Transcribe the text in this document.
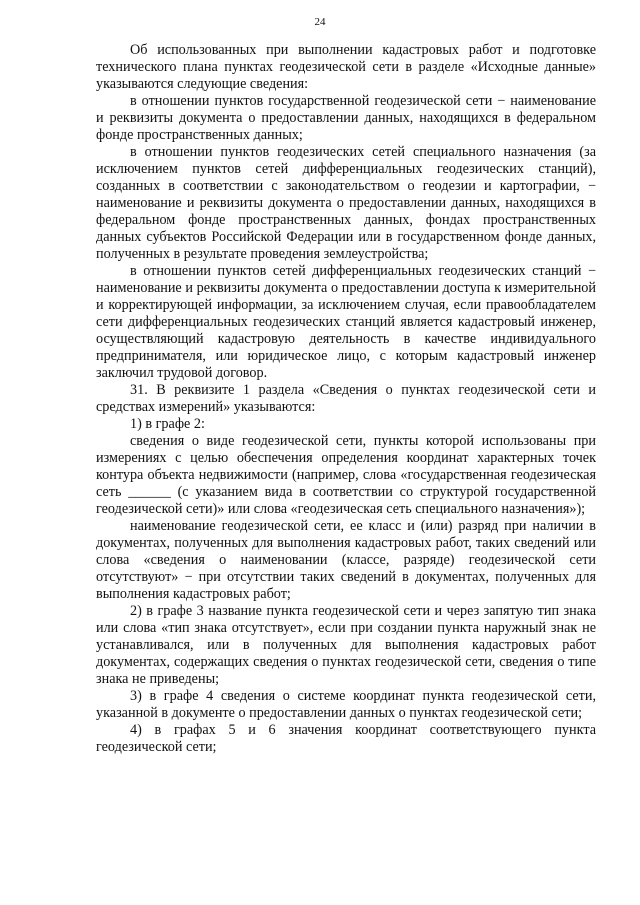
24

Об использованных при выполнении кадастровых работ и подготовке технического плана пунктах геодезической сети в разделе «Исходные данные» указываются следующие сведения:

в отношении пунктов государственной геодезической сети − наименование и реквизиты документа о предоставлении данных, находящихся в федеральном фонде пространственных данных;

в отношении пунктов геодезических сетей специального назначения (за исключением пунктов сетей дифференциальных геодезических станций), созданных в соответствии с законодательством о геодезии и картографии, − наименование и реквизиты документа о предоставлении данных, находящихся в федеральном фонде пространственных данных, фондах пространственных данных субъектов Российской Федерации или в государственном фонде данных, полученных в результате проведения землеустройства;

в отношении пунктов сетей дифференциальных геодезических станций − наименование и реквизиты документа о предоставлении доступа к измерительной и корректирующей информации, за исключением случая, если правообладателем сети дифференциальных геодезических станций является кадастровый инженер, осуществляющий кадастровую деятельность в качестве индивидуального предпринимателя, или юридическое лицо, с которым кадастровый инженер заключил трудовой договор.

31. В реквизите 1 раздела «Сведения о пунктах геодезической сети и средствах измерений» указываются:

1) в графе 2:

сведения о виде геодезической сети, пункты которой использованы при измерениях с целью обеспечения определения координат характерных точек контура объекта недвижимости (например, слова «государственная геодезическая сеть ______ (с указанием вида в соответствии со структурой государственной геодезической сети)» или слова «геодезическая сеть специального назначения»);

наименование геодезической сети, ее класс и (или) разряд при наличии в документах, полученных для выполнения кадастровых работ, таких сведений или слова «сведения о наименовании (классе, разряде) геодезической сети отсутствуют» − при отсутствии таких сведений в документах, полученных для выполнения кадастровых работ;

2) в графе 3 название пункта геодезической сети и через запятую тип знака или слова «тип знака отсутствует», если при создании пункта наружный знак не устанавливался, или в полученных для выполнения кадастровых работ документах, содержащих сведения о пунктах геодезической сети, сведения о типе знака не приведены;

3) в графе 4 сведения о системе координат пункта геодезической сети, указанной в документе о предоставлении данных о пунктах геодезической сети;

4) в графах 5 и 6 значения координат соответствующего пункта геодезической сети;
